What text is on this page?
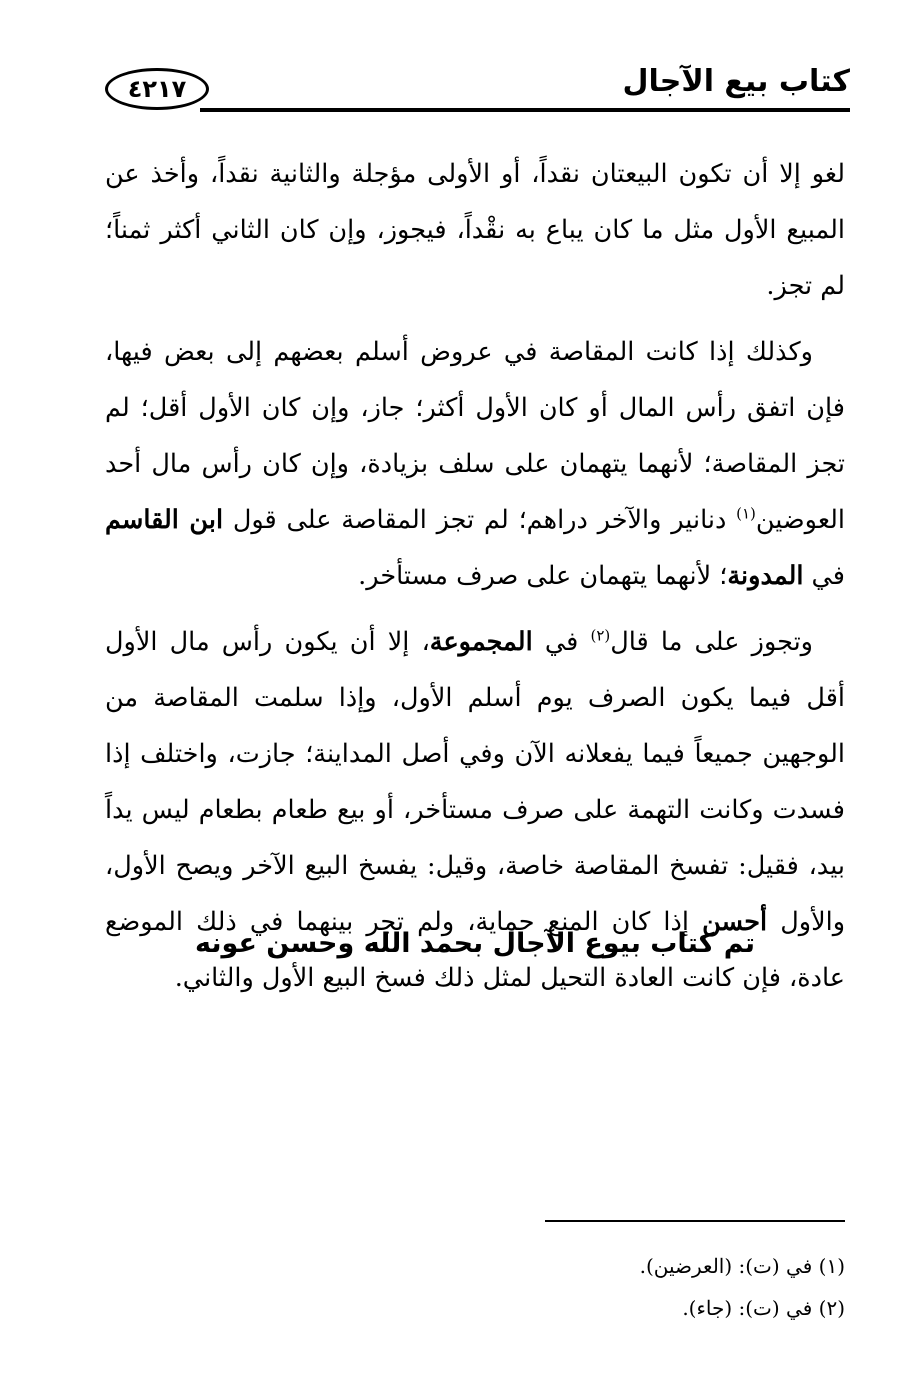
٤٢١٧	كتاب بيع الآجال

لغو إلا أن تكون البيعتان نقداً، أو الأولى مؤجلة والثانية نقداً، وأخذ عن المبيع الأول مثل ما كان يباع به نقْداً، فيجوز، وإن كان الثاني أكثر ثمناً؛ لم تجز.

وكذلك إذا كانت المقاصة في عروض أسلم بعضهم إلى بعض فيها، فإن اتفق رأس المال أو كان الأول أكثر؛ جاز، وإن كان الأول أقل؛ لم تجز المقاصة؛ لأنهما يتهمان على سلف بزيادة، وإن كان رأس مال أحد العوضين$^{(١)}$ دنانير والآخر دراهم؛ لم تجز المقاصة على قول ابن القاسم في المدونة؛ لأنهما يتهمان على صرف مستأخر.

وتجوز على ما قال$^{(٢)}$ في المجموعة، إلا أن يكون رأس مال الأول أقل فيما يكون الصرف يوم أسلم الأول، وإذا سلمت المقاصة من الوجهين جميعاً فيما يفعلانه الآن وفي أصل المداينة؛ جازت، واختلف إذا فسدت وكانت التهمة على صرف مستأخر، أو بيع طعام بطعام ليس يداً بيد، فقيل: تفسخ المقاصة خاصة، وقيل: يفسخ البيع الآخر ويصح الأول، والأول أحسن إذا كان المنع حماية، ولم تجر بينهما في ذلك الموضع عادة، فإن كانت العادة التحيل لمثل ذلك فسخ البيع الأول والثاني.

تم كتاب بيوع الآجال بحمد الله وحسن عونه
(١) في (ت): (العرضين).
(٢) في (ت): (جاء).
